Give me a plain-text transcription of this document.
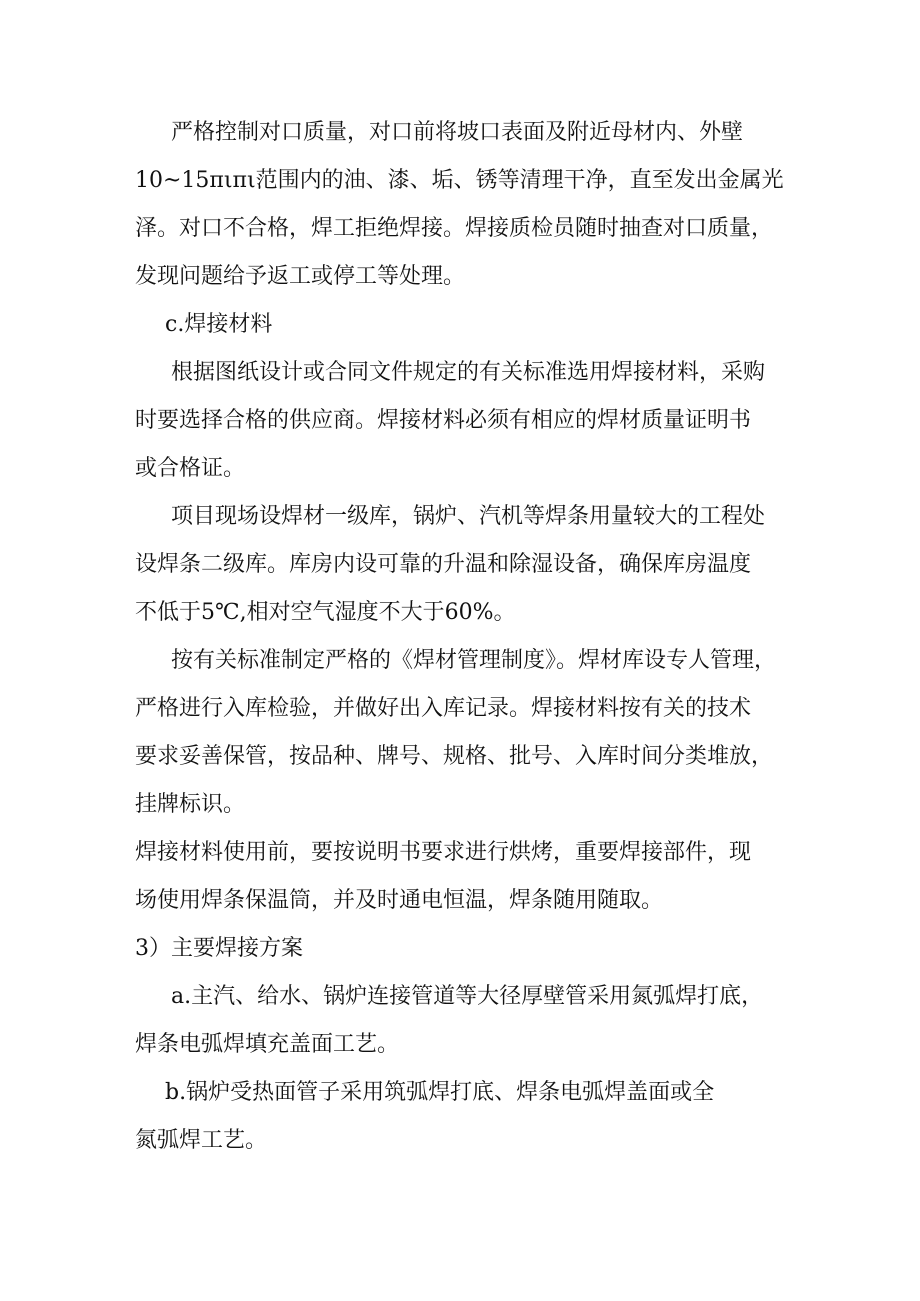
严格控制对口质量，对口前将坡口表面及附近母材内、外壁
10~15πιπι范围内的油、漆、垢、锈等清理干净，直至发出金属光
泽。对口不合格，焊工拒绝焊接。焊接质检员随时抽查对口质量，
发现问题给予返工或停工等处理。
c.焊接材料
根据图纸设计或合同文件规定的有关标准选用焊接材料，采购
时要选择合格的供应商。焊接材料必须有相应的焊材质量证明书
或合格证。
项目现场设焊材一级库，锅炉、汽机等焊条用量较大的工程处
设焊条二级库。库房内设可靠的升温和除湿设备，确保库房温度
不低于5℃,相对空气湿度不大于60%。
按有关标准制定严格的《焊材管理制度》。焊材库设专人管理，
严格进行入库检验，并做好出入库记录。焊接材料按有关的技术
要求妥善保管，按品种、牌号、规格、批号、入库时间分类堆放，
挂牌标识。
焊接材料使用前，要按说明书要求进行烘烤，重要焊接部件，现
场使用焊条保温筒，并及时通电恒温，焊条随用随取。
3）主要焊接方案
a.主汽、给水、锅炉连接管道等大径厚壁管采用氮弧焊打底，
焊条电弧焊填充盖面工艺。
b.锅炉受热面管子采用筑弧焊打底、焊条电弧焊盖面或全
氮弧焊工艺。
